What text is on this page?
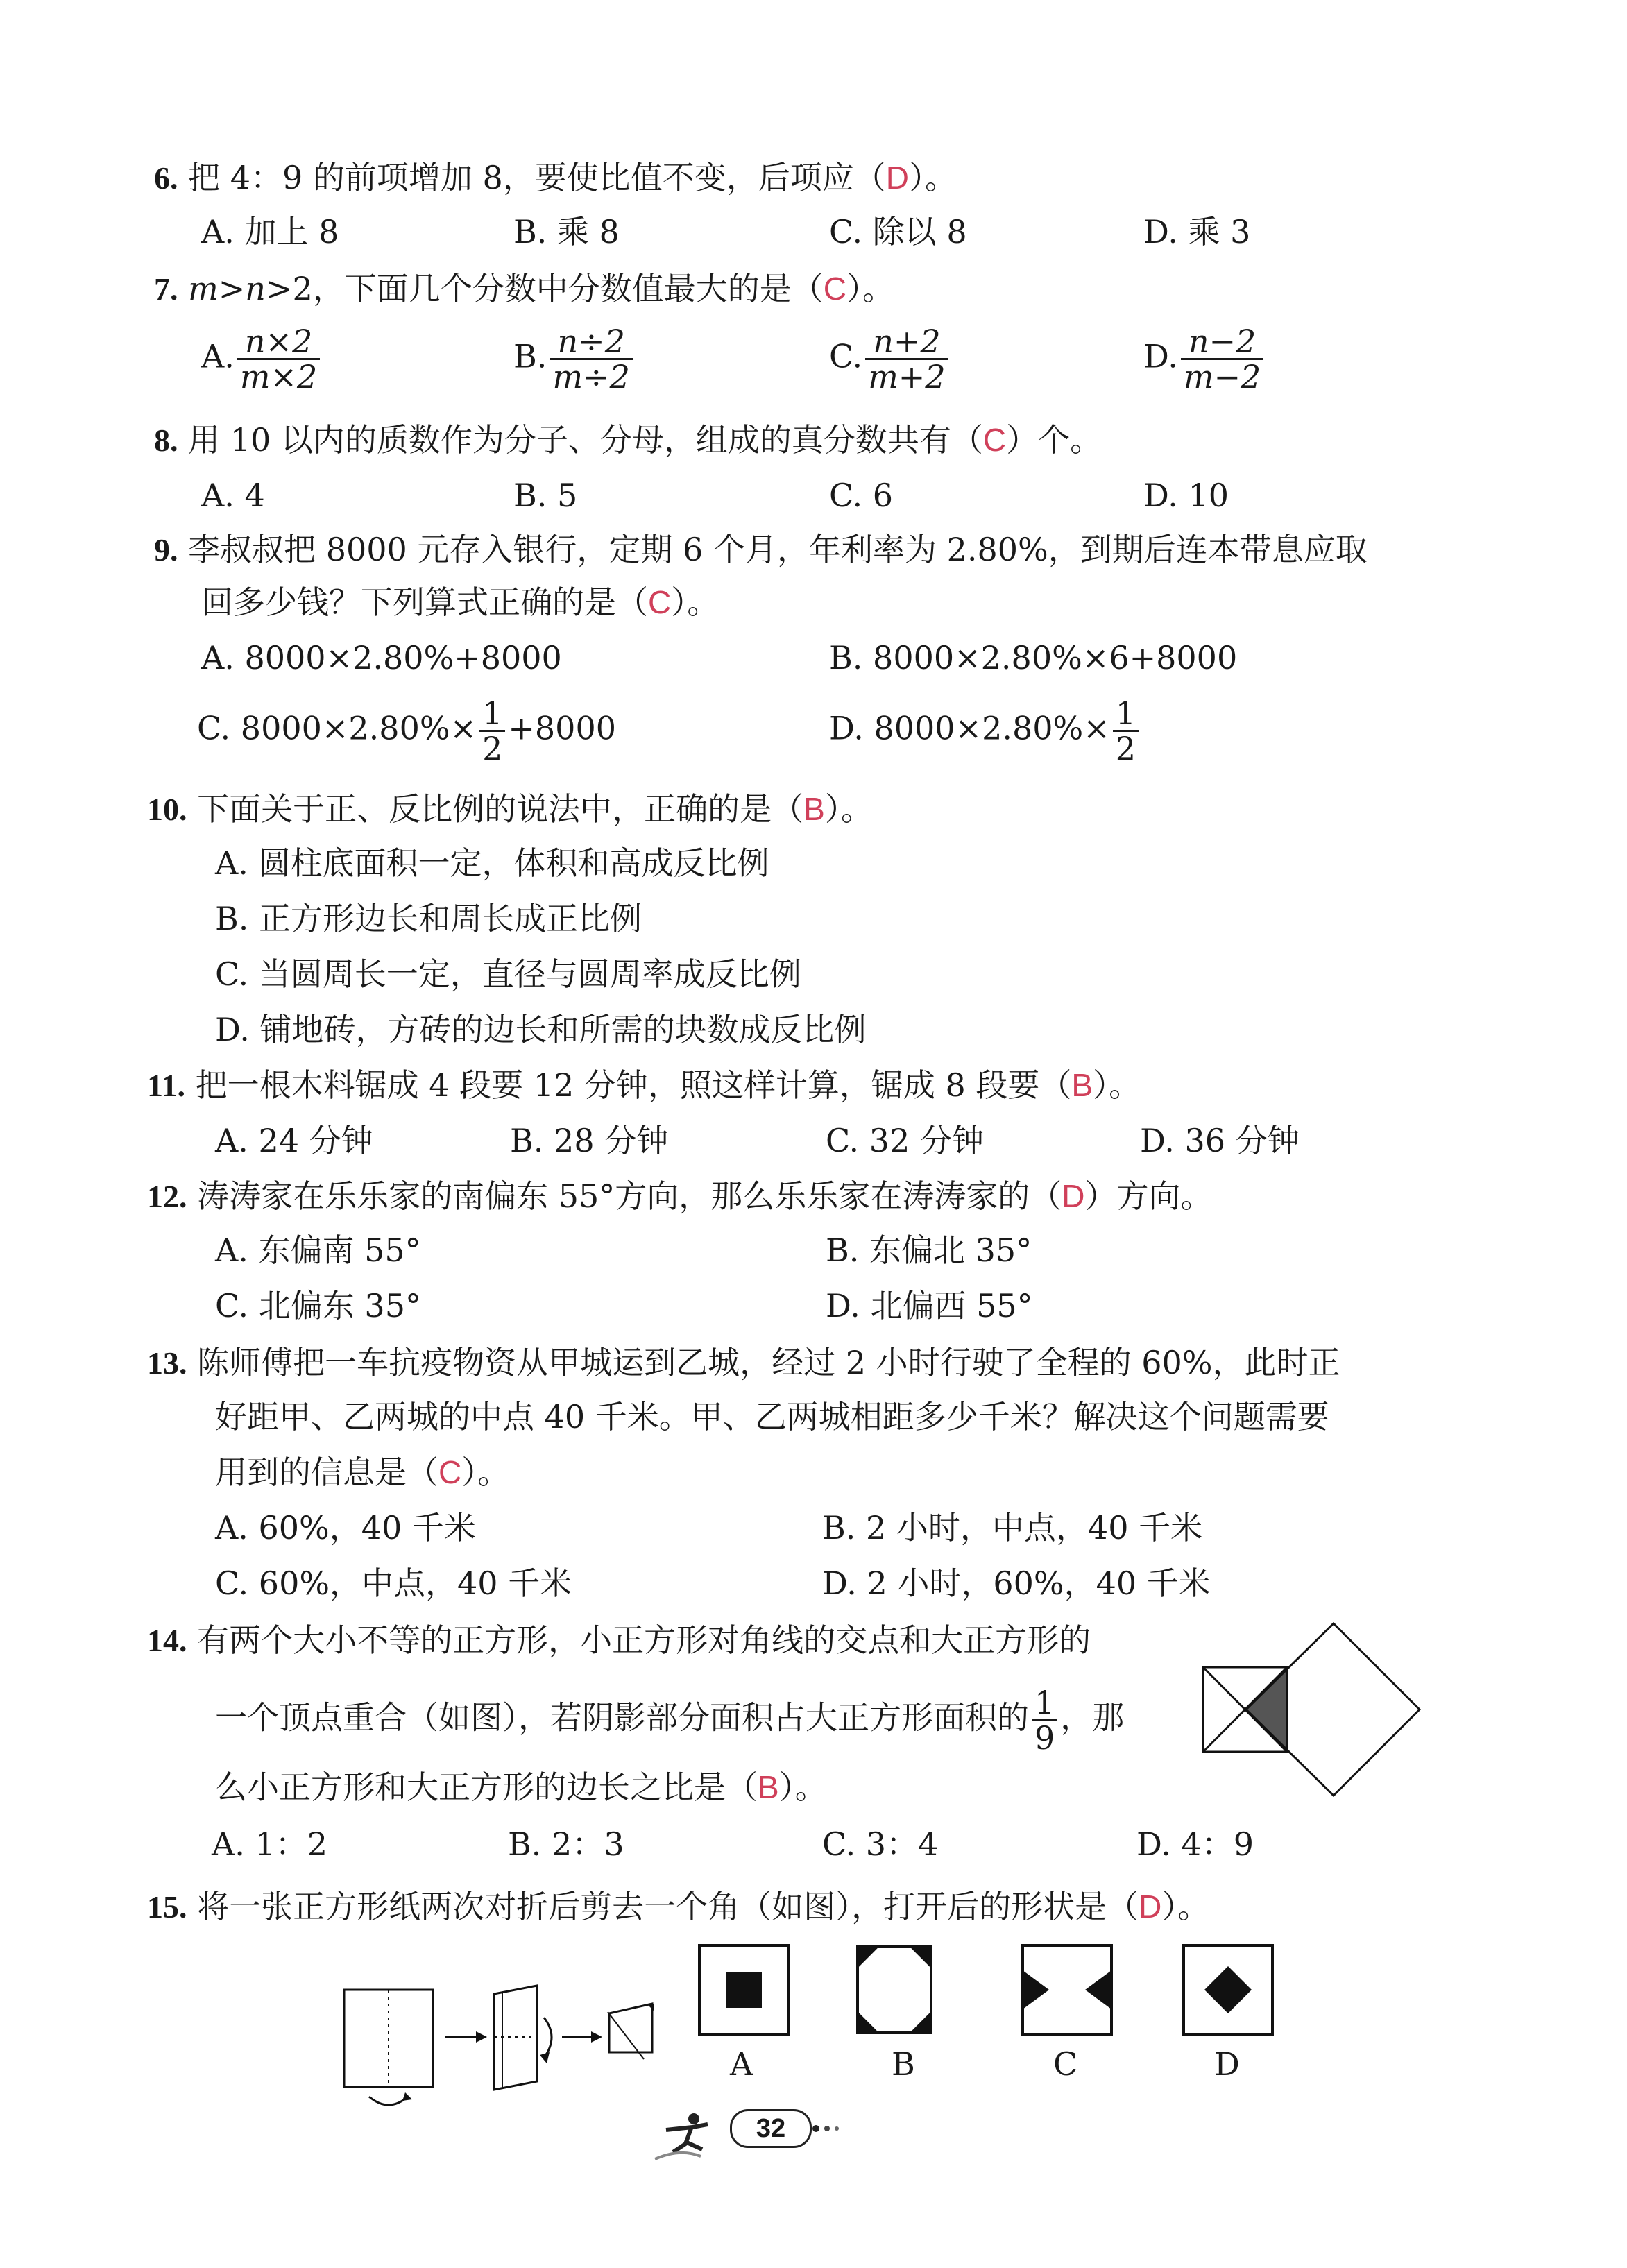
6. 把 4：9 的前项增加 8，要使比值不变，后项应（D）。
A. 加上 8	B. 乘 8	C. 除以 8	D. 乘 3
7. m>n>2，下面几个分数中分数值最大的是（C）。
A. $\frac{n\times 2}{m\times 2}$	B. $\frac{n\div 2}{m\div 2}$	C. $\frac{n+2}{m+2}$	D. $\frac{n-2}{m-2}$
8. 用 10 以内的质数作为分子、分母，组成的真分数共有（C）个。
A. 4	B. 5	C. 6	D. 10
9. 李叔叔把 8000 元存入银行，定期 6 个月，年利率为 2.80%，到期后连本带息应取
回多少钱？下列算式正确的是（C）。
A. 8000×2.80%+8000	B. 8000×2.80%×6+8000
C. $8000\times 2.80\%\times \frac{1}{2} +8000$	D. $8000\times 2.80\%\times \frac{1}{2}$
10. 下面关于正、反比例的说法中，正确的是（B）。
A. 圆柱底面积一定，体积和高成反比例
B. 正方形边长和周长成正比例
C. 当圆周长一定，直径与圆周率成反比例
D. 铺地砖，方砖的边长和所需的块数成反比例
11. 把一根木料锯成 4 段要 12 分钟，照这样计算，锯成 8 段要（B）。
A. 24 分钟	B. 28 分钟	C. 32 分钟	D. 36 分钟
12. 涛涛家在乐乐家的南偏东 55°方向，那么乐乐家在涛涛家的（D）方向。
A. 东偏南 55°	B. 东偏北 35°
C. 北偏东 35°	D. 北偏西 55°
13. 陈师傅把一车抗疫物资从甲城运到乙城，经过 2 小时行驶了全程的 60%，此时正
好距甲、乙两城的中点 40 千米。甲、乙两城相距多少千米？解决这个问题需要
用到的信息是（C）。
A. 60%，40 千米	B. 2 小时，中点，40 千米
C. 60%，中点，40 千米	D. 2 小时，60%，40 千米
14. 有两个大小不等的正方形，小正方形对角线的交点和大正方形的
一个顶点重合（如图），若阴影部分面积占大正方形面积的 $\frac{1}{9}$ ，那
么小正方形和大正方形的边长之比是（B）。
A. 1：2	B. 2：3	C. 3：4	D. 4：9
15. 将一张正方形纸两次对折后剪去一个角（如图），打开后的形状是（D）。
A	B	C	D
32
